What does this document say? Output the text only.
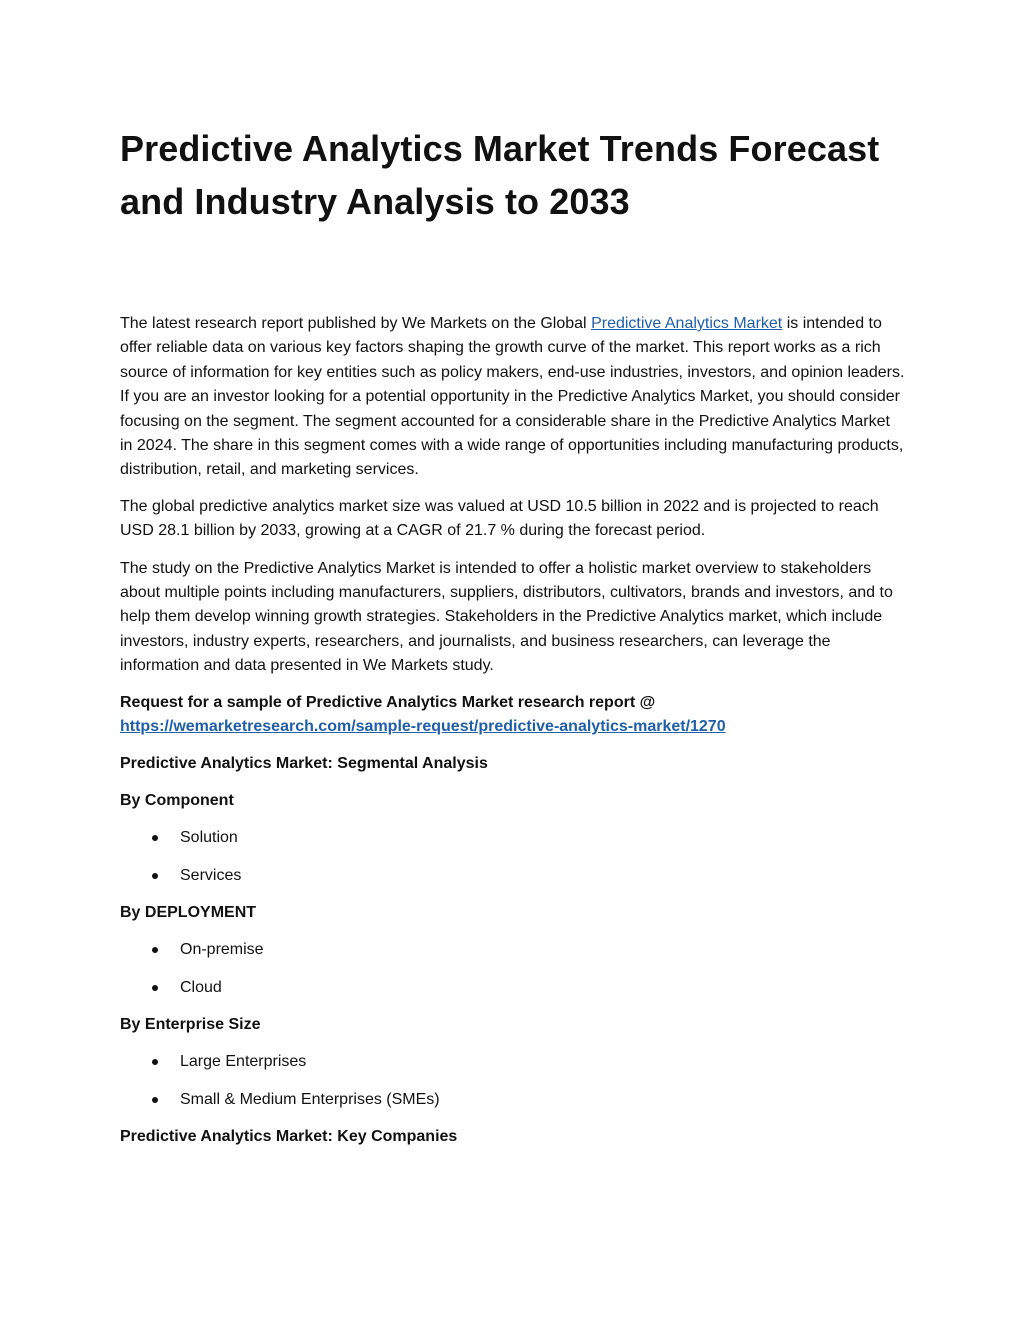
Predictive Analytics Market Trends Forecast
and Industry Analysis to 2033

The latest research report published by We Markets on the Global Predictive Analytics Market is intended to offer reliable data on various key factors shaping the growth curve of the market. This report works as a rich source of information for key entities such as policy makers, end-use industries, investors, and opinion leaders. If you are an investor looking for a potential opportunity in the Predictive Analytics Market, you should consider focusing on the segment. The segment accounted for a considerable share in the Predictive Analytics Market in 2024. The share in this segment comes with a wide range of opportunities including manufacturing products, distribution, retail, and marketing services.

The global predictive analytics market size was valued at USD 10.5 billion in 2022 and is projected to reach USD 28.1 billion by 2033, growing at a CAGR of 21.7 % during the forecast period.

The study on the Predictive Analytics Market is intended to offer a holistic market overview to stakeholders about multiple points including manufacturers, suppliers, distributors, cultivators, brands and investors, and to help them develop winning growth strategies. Stakeholders in the Predictive Analytics market, which include investors, industry experts, researchers, and journalists, and business researchers, can leverage the information and data presented in We Markets study.

Request for a sample of Predictive Analytics Market research report @
https://wemarketresearch.com/sample-request/predictive-analytics-market/1270

Predictive Analytics Market: Segmental Analysis

By Component

Solution
Services

By DEPLOYMENT

On-premise
Cloud

By Enterprise Size

Large Enterprises
Small & Medium Enterprises (SMEs)

Predictive Analytics Market: Key Companies
